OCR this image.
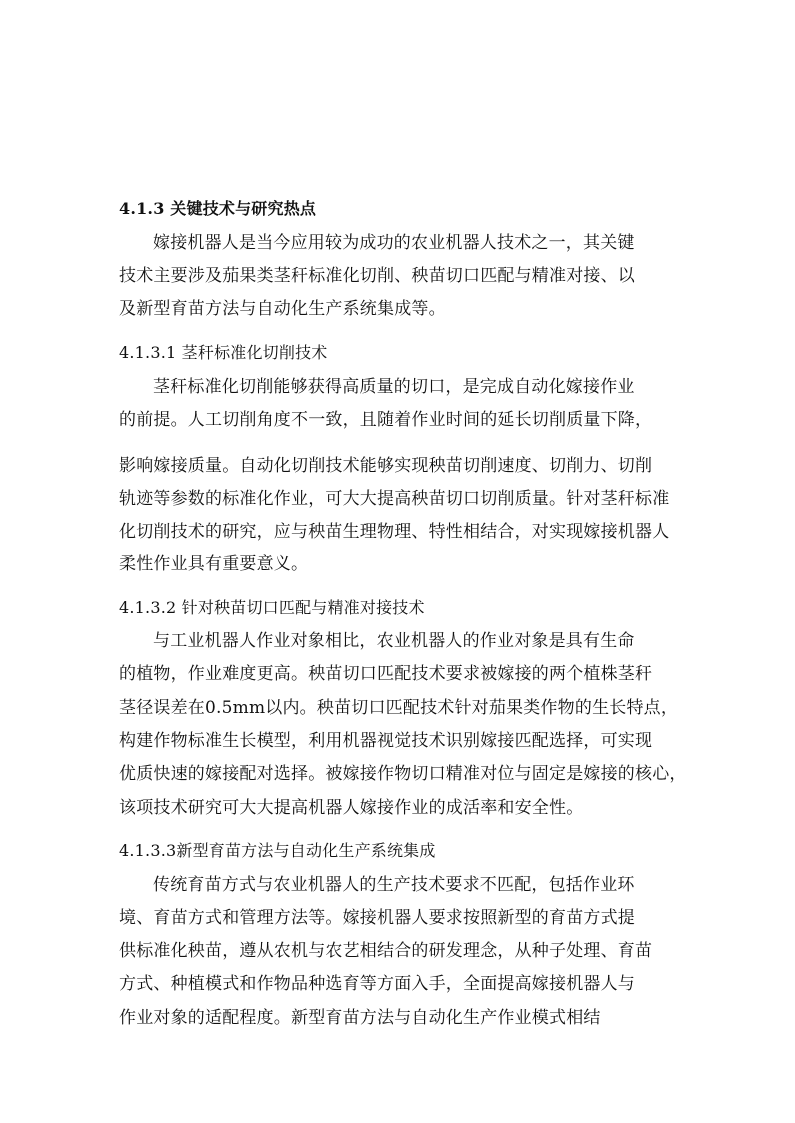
4.1.3 关键技术与研究热点
嫁接机器人是当今应用较为成功的农业机器人技术之一，其关键
技术主要涉及茄果类茎秆标准化切削、秧苗切口匹配与精准对接、以
及新型育苗方法与自动化生产系统集成等。
4.1.3.1 茎秆标准化切削技术
茎秆标准化切削能够获得高质量的切口，是完成自动化嫁接作业
的前提。人工切削角度不一致，且随着作业时间的延长切削质量下降，
影响嫁接质量。自动化切削技术能够实现秧苗切削速度、切削力、切削
轨迹等参数的标准化作业，可大大提高秧苗切口切削质量。针对茎秆标准
化切削技术的研究，应与秧苗生理物理、特性相结合，对实现嫁接机器人
柔性作业具有重要意义。
4.1.3.2 针对秧苗切口匹配与精准对接技术
与工业机器人作业对象相比，农业机器人的作业对象是具有生命
的植物，作业难度更高。秧苗切口匹配技术要求被嫁接的两个植株茎秆
茎径误差在0.5mm以内。秧苗切口匹配技术针对茄果类作物的生长特点，
构建作物标准生长模型，利用机器视觉技术识别嫁接匹配选择，可实现
优质快速的嫁接配对选择。被嫁接作物切口精准对位与固定是嫁接的核心，
该项技术研究可大大提高机器人嫁接作业的成活率和安全性。
4.1.3.3新型育苗方法与自动化生产系统集成
传统育苗方式与农业机器人的生产技术要求不匹配，包括作业环
境、育苗方式和管理方法等。嫁接机器人要求按照新型的育苗方式提
供标准化秧苗，遵从农机与农艺相结合的研发理念，从种子处理、育苗
方式、种植模式和作物品种选育等方面入手，全面提高嫁接机器人与
作业对象的适配程度。新型育苗方法与自动化生产作业模式相结
